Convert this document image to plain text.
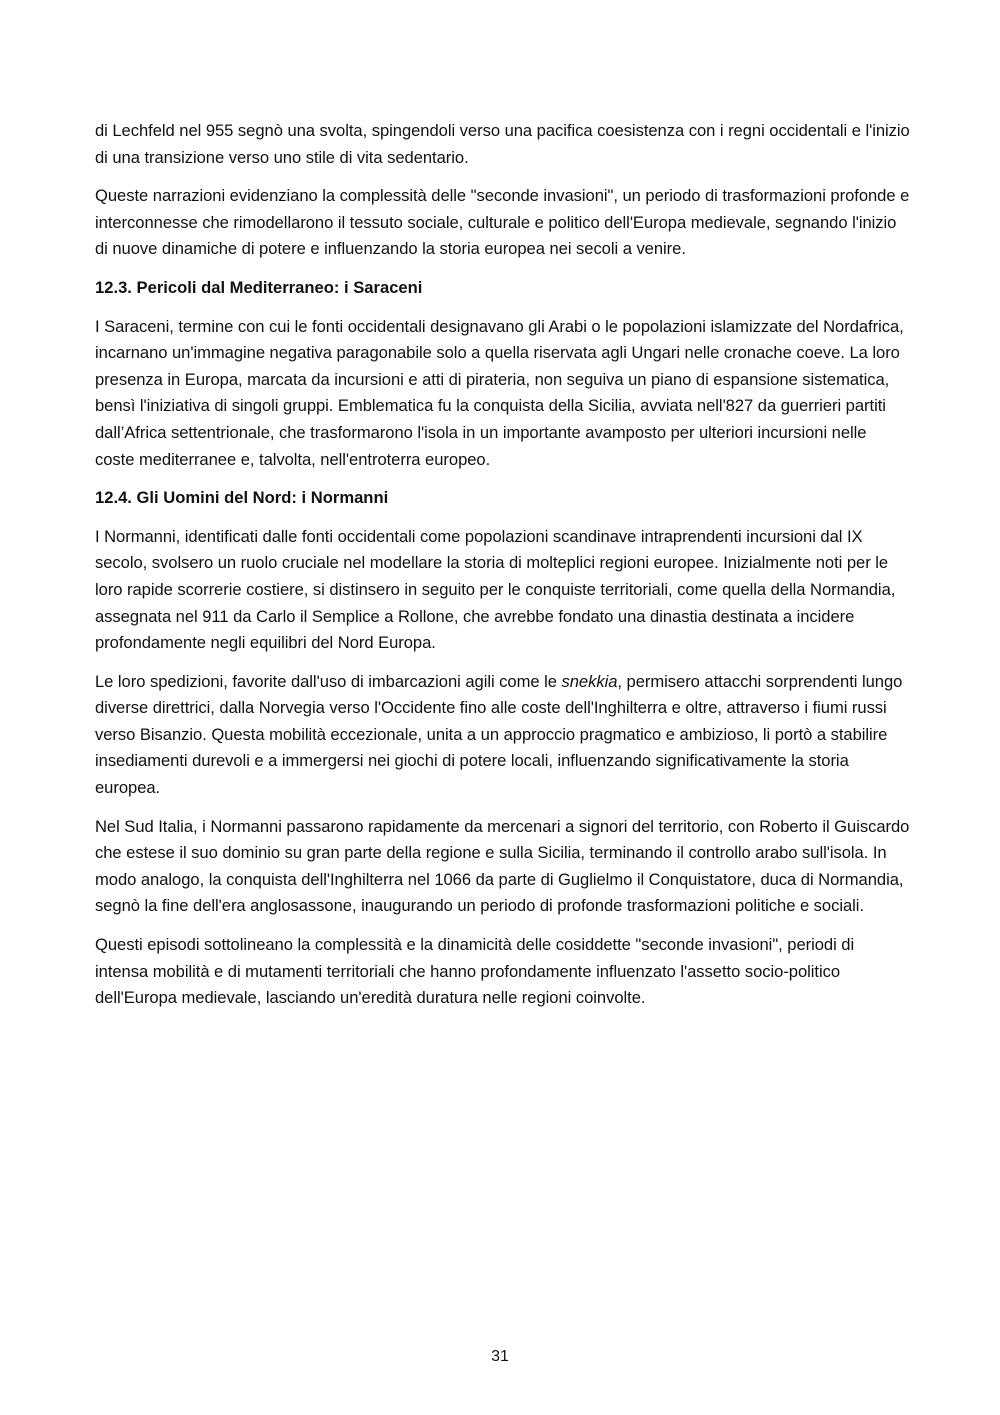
di Lechfeld nel 955 segnò una svolta, spingendoli verso una pacifica coesistenza con i regni occidentali e l'inizio di una transizione verso uno stile di vita sedentario.

Queste narrazioni evidenziano la complessità delle "seconde invasioni", un periodo di trasformazioni profonde e interconnesse che rimodellarono il tessuto sociale, culturale e politico dell'Europa medievale, segnando l'inizio di nuove dinamiche di potere e influenzando la storia europea nei secoli a venire.

12.3. Pericoli dal Mediterraneo: i Saraceni

I Saraceni, termine con cui le fonti occidentali designavano gli Arabi o le popolazioni islamizzate del Nordafrica, incarnano un'immagine negativa paragonabile solo a quella riservata agli Ungari nelle cronache coeve. La loro presenza in Europa, marcata da incursioni e atti di pirateria, non seguiva un piano di espansione sistematica, bensì l'iniziativa di singoli gruppi. Emblematica fu la conquista della Sicilia, avviata nell'827 da guerrieri partiti dall’Africa settentrionale, che trasformarono l'isola in un importante avamposto per ulteriori incursioni nelle coste mediterranee e, talvolta, nell'entroterra europeo.

12.4. Gli Uomini del Nord: i Normanni

I Normanni, identificati dalle fonti occidentali come popolazioni scandinave intraprendenti incursioni dal IX secolo, svolsero un ruolo cruciale nel modellare la storia di molteplici regioni europee. Inizialmente noti per le loro rapide scorrerie costiere, si distinsero in seguito per le conquiste territoriali, come quella della Normandia, assegnata nel 911 da Carlo il Semplice a Rollone, che avrebbe fondato una dinastia destinata a incidere profondamente negli equilibri del Nord Europa.

Le loro spedizioni, favorite dall'uso di imbarcazioni agili come le snekkia, permisero attacchi sorprendenti lungo diverse direttrici, dalla Norvegia verso l'Occidente fino alle coste dell'Inghilterra e oltre, attraverso i fiumi russi verso Bisanzio. Questa mobilità eccezionale, unita a un approccio pragmatico e ambizioso, li portò a stabilire insediamenti durevoli e a immergersi nei giochi di potere locali, influenzando significativamente la storia europea.

Nel Sud Italia, i Normanni passarono rapidamente da mercenari a signori del territorio, con Roberto il Guiscardo che estese il suo dominio su gran parte della regione e sulla Sicilia, terminando il controllo arabo sull'isola. In modo analogo, la conquista dell'Inghilterra nel 1066 da parte di Guglielmo il Conquistatore, duca di Normandia, segnò la fine dell'era anglosassone, inaugurando un periodo di profonde trasformazioni politiche e sociali.

Questi episodi sottolineano la complessità e la dinamicità delle cosiddette "seconde invasioni", periodi di intensa mobilità e di mutamenti territoriali che hanno profondamente influenzato l'assetto socio-politico dell'Europa medievale, lasciando un'eredità duratura nelle regioni coinvolte.

31
